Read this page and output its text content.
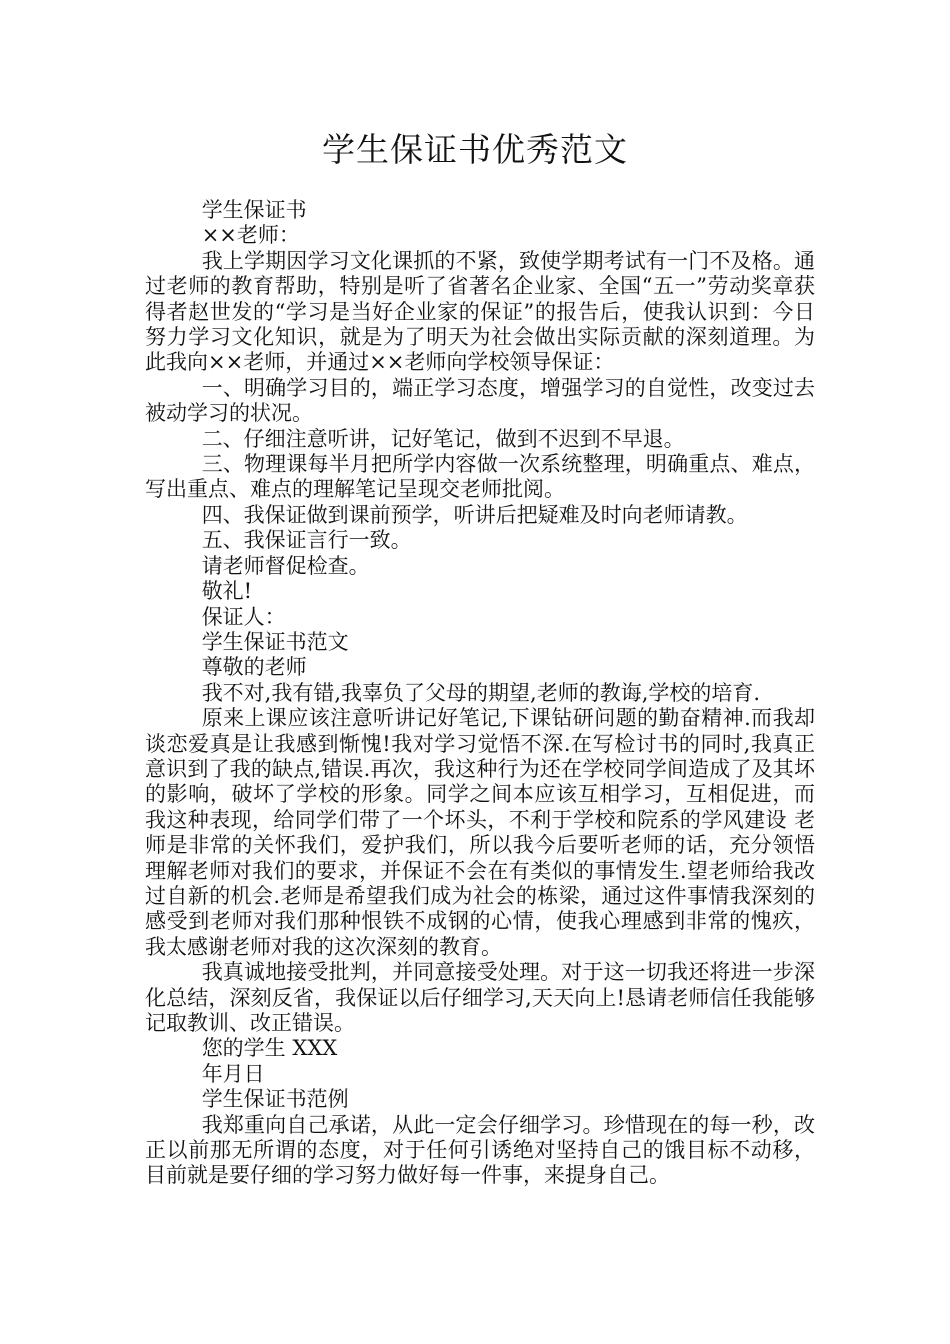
学生保证书优秀范文

学生保证书

××老师：

我上学期因学习文化课抓的不紧，致使学期考试有一门不及格。通过老师的教育帮助，特别是听了省著名企业家、全国“五一”劳动奖章获得者赵世发的“学习是当好企业家的保证”的报告后，使我认识到：今日努力学习文化知识，就是为了明天为社会做出实际贡献的深刻道理。为此我向××老师，并通过××老师向学校领导保证：

一、明确学习目的，端正学习态度，增强学习的自觉性，改变过去被动学习的状况。

二、仔细注意听讲，记好笔记，做到不迟到不早退。

三、物理课每半月把所学内容做一次系统整理，明确重点、难点，写出重点、难点的理解笔记呈现交老师批阅。

四、我保证做到课前预学，听讲后把疑难及时向老师请教。

五、我保证言行一致。

请老师督促检查。

敬礼!

保证人：

学生保证书范文

尊敬的老师

我不对,我有错,我辜负了父母的期望,老师的教诲,学校的培育.

原来上课应该注意听讲记好笔记,下课钻研问题的勤奋精神.而我却谈恋爱真是让我感到惭愧!我对学习觉悟不深.在写检讨书的同时,我真正意识到了我的缺点,错误.再次，我这种行为还在学校同学间造成了及其坏的影响，破坏了学校的形象。同学之间本应该互相学习，互相促进，而我这种表现，给同学们带了一个坏头，不利于学校和院系的学风建设 老师是非常的关怀我们，爱护我们，所以我今后要听老师的话，充分领悟理解老师对我们的要求，并保证不会在有类似的事情发生.望老师给我改过自新的机会.老师是希望我们成为社会的栋梁，通过这件事情我深刻的感受到老师对我们那种恨铁不成钢的心情，使我心理感到非常的愧疚，我太感谢老师对我的这次深刻的教育。

我真诚地接受批判，并同意接受处理。对于这一切我还将进一步深化总结，深刻反省，我保证以后仔细学习,天天向上!恳请老师信任我能够记取教训、改正错误。

您的学生 XXX

年月日

学生保证书范例

我郑重向自己承诺，从此一定会仔细学习。珍惜现在的每一秒，改正以前那无所谓的态度，对于任何引诱绝对坚持自己的饿目标不动移，目前就是要仔细的学习努力做好每一件事，来提身自己。
